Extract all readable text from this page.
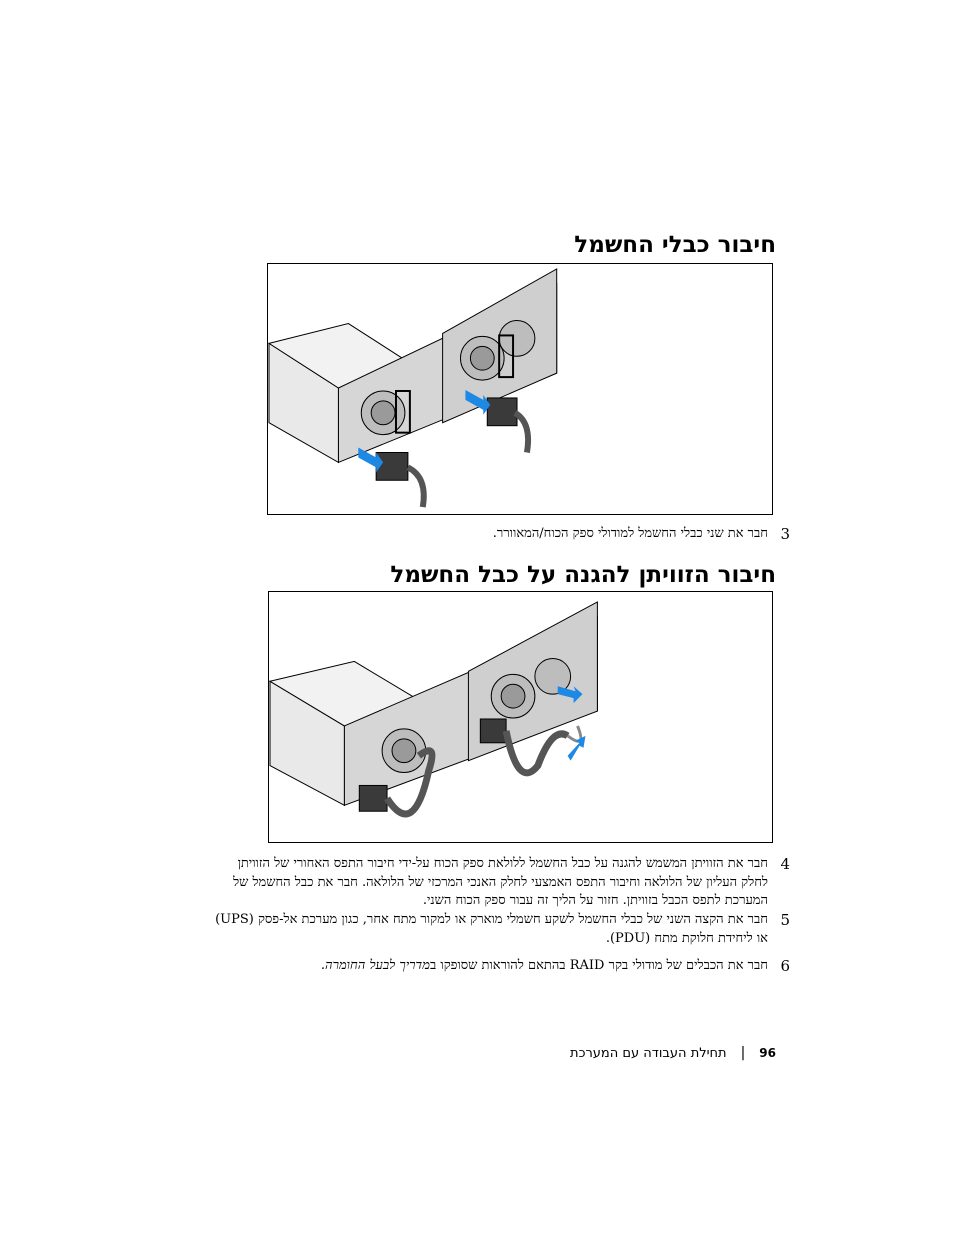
חיבור כבלי החשמל
3
חבר את שני כבלי החשמל למודולי ספק הכוח/המאוורר.
חיבור הזוויתן להגנה על כבל החשמל
4
חבר את הזוויתן המשמש להגנה על כבל החשמל ללולאת ספק הכוח על-ידי חיבור התפס האחורי של הזוויתן לחלק העליון של הלולאה וחיבור התפס האמצעי לחלק האנכי המרכזי של הלולאה. חבר את כבל החשמל של המערכת לתפס הכבל בזוויתן. חזור על הליך זה עבור ספק הכוח השני.
5
חבר את הקצה השני של כבלי החשמל לשקע חשמלי מוארק או למקור מתח אחר, כגון מערכת אל-פסק (UPS) או ליחידת חלוקת מתח (PDU).
6
חבר את הכבלים של מודולי בקר RAID בהתאם להוראות שסופקו במדריך לבעל החומרה.
96
|
תחילת העבודה עם המערכת
